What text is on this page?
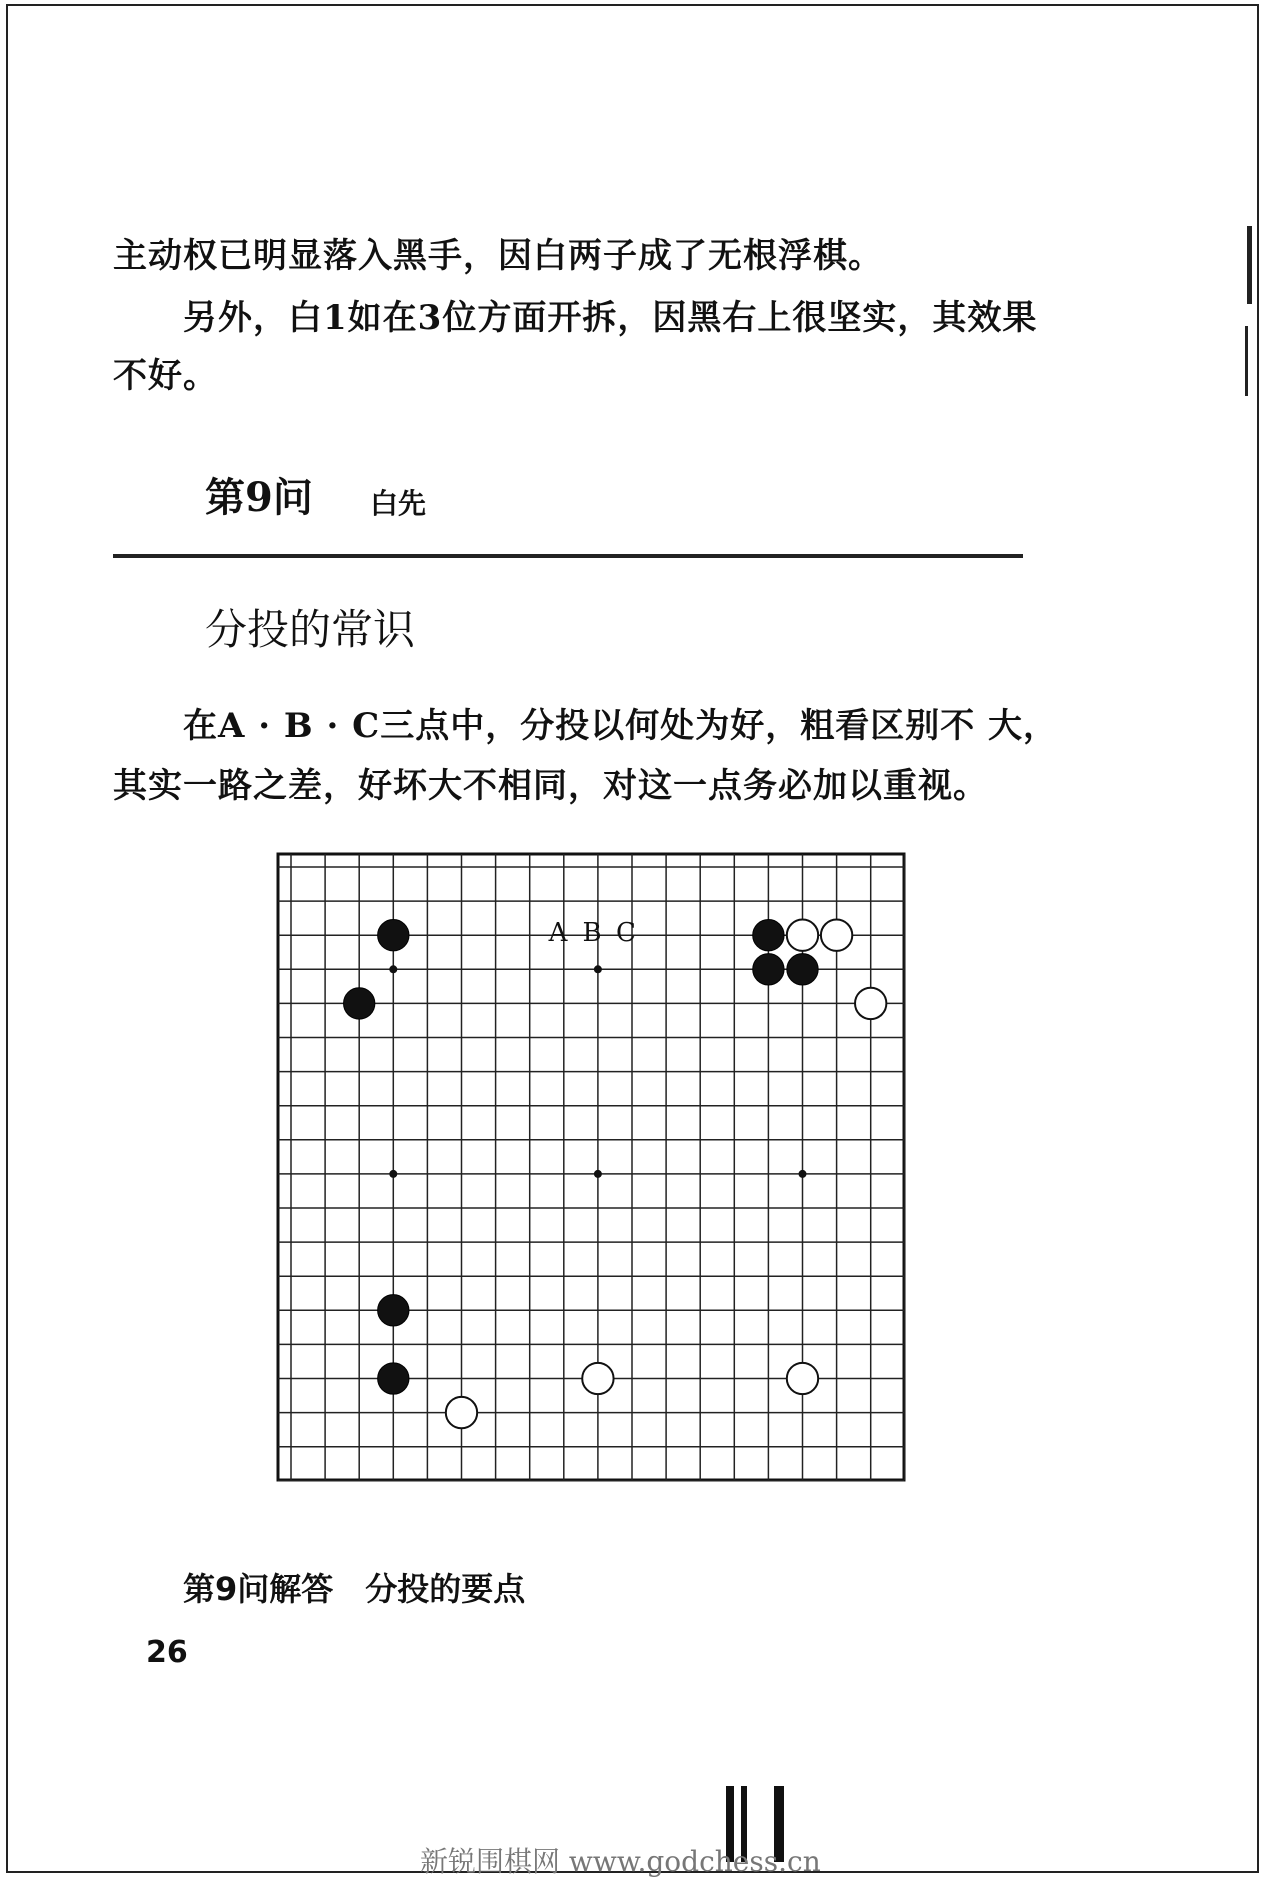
主动权已明显落入黑手，因白两子成了无根浮棋。
另外，白1如在3位方面开拆，因黑右上很坚实，其效果
不好。
第9问 白先
分投的常识
在A · B · C三点中，分投以何处为好，粗看区别不 大，
其实一路之差，好坏大不相同，对这一点务必加以重视。
A B C
第9问解答　分投的要点
26
新锐围棋网 www.godchess.cn
